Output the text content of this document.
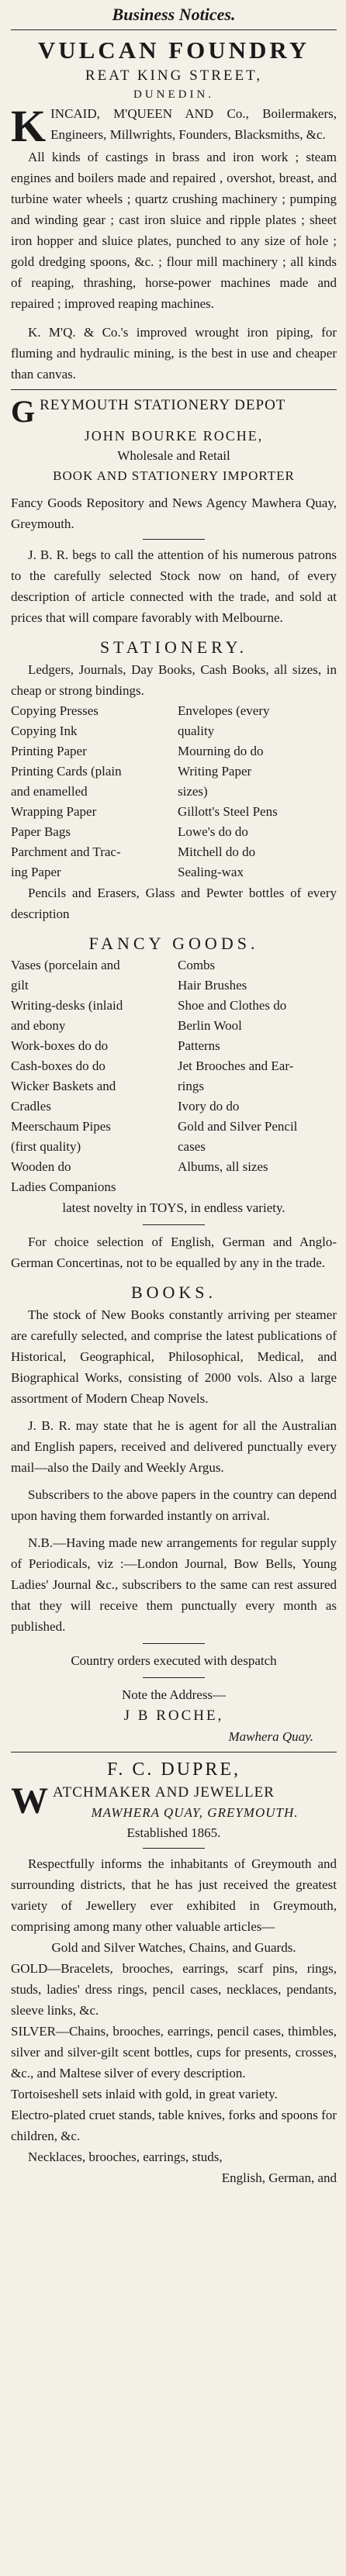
Business Notices.

VULCAN FOUNDRY
REAT KING STREET,
DUNEDIN.

KINCAID, M'QUEEN AND Co., Boilermakers, Engineers, Millwrights, Founders, Blacksmiths, &c.

All kinds of castings in brass and iron work ; steam engines and boilers made and repaired , overshot, breast, and turbine water wheels ; quartz crushing machinery ; pumping and winding gear ; cast iron sluice and ripple plates ; sheet iron hopper and sluice plates, punched to any size of hole ; gold dredging spoons, &c. ; flour mill machinery ; all kinds of reaping, thrashing, horse-power machines made and repaired ; improved reaping machines.

K. M'Q. & Co.'s improved wrought iron piping, for fluming and hydraulic mining, is the best in use and cheaper than canvas.

GREYMOUTH STATIONERY DEPOT

JOHN BOURKE ROCHE,
Wholesale and Retail
BOOK AND STATIONERY IMPORTER

Fancy Goods Repository and News Agency Mawhera Quay, Greymouth.

J. B. R. begs to call the attention of his numerous patrons to the carefully selected Stock now on hand, of every description of article connected with the trade, and sold at prices that will compare favorably with Melbourne.

STATIONERY.

Ledgers, Journals, Day Books, Cash Books, all sizes, in cheap or strong bindings.

Copying Presses	Envelopes (every
Copying Ink	quality
Printing Paper	Mourning do do
Printing Cards (plain	Writing Paper
and enamelled	sizes)
Wrapping Paper	Gillott's Steel Pens
Paper Bags	Lowe's do do
Parchment and Trac-	Mitchell do do
ing Paper	Sealing-wax

Pencils and Erasers, Glass and Pewter bottles of every description

FANCY GOODS.
Vases (porcelain and	Combs
gilt	Hair Brushes
Writing-desks (inlaid	Shoe and Clothes do
and ebony	Berlin Wool
Work-boxes do do	Patterns
Cash-boxes do do	Jet Brooches and Ear-
Wicker Baskets and	rings
Cradles	Ivory do do
Meerschaum Pipes	Gold and Silver Pencil
(first quality)	cases
Wooden do	Albums, all sizes
Ladies Companions

latest novelty in TOYS, in endless variety.

For choice selection of English, German and Anglo-German Concertinas, not to be equalled by any in the trade.

BOOKS.

The stock of New Books constantly arriving per steamer are carefully selected, and comprise the latest publications of Historical, Geographical, Philosophical, Medical, and Biographical Works, consisting of 2000 vols. Also a large assortment of Modern Cheap Novels.

J. B. R. may state that he is agent for all the Australian and English papers, received and delivered punctually every mail—also the Daily and Weekly Argus.

Subscribers to the above papers in the country can depend upon having them forwarded instantly on arrival.

N.B.—Having made new arrangements for regular supply of Periodicals, viz :—London Journal, Bow Bells, Young Ladies' Journal &c., subscribers to the same can rest assured that they will receive them punctually every month as published.

Country orders executed with despatch

Note the Address—

J B ROCHE,
Mawhera Quay.
F. C. DUPRE,

WATCHMAKER AND JEWELLER

MAWHERA QUAY, GREYMOUTH.
Established 1865.

Respectfully informs the inhabitants of Greymouth and surrounding districts, that he has just received the greatest variety of Jewellery ever exhibited in Greymouth, comprising among many other valuable articles—

Gold and Silver Watches, Chains, and Guards.

GOLD—Bracelets, brooches, earrings, scarf pins, rings, studs, ladies' dress rings, pencil cases, necklaces, pendants, sleeve links, &c.

SILVER—Chains, brooches, earrings, pencil cases, thimbles, silver and silver-gilt scent bottles, cups for presents, crosses, &c., and Maltese silver of every description.

Tortoiseshell sets inlaid with gold, in great variety.

Electro-plated cruet stands, table knives, forks and spoons for children, &c.

Necklaces, brooches, earrings, studs,

English, German, and
